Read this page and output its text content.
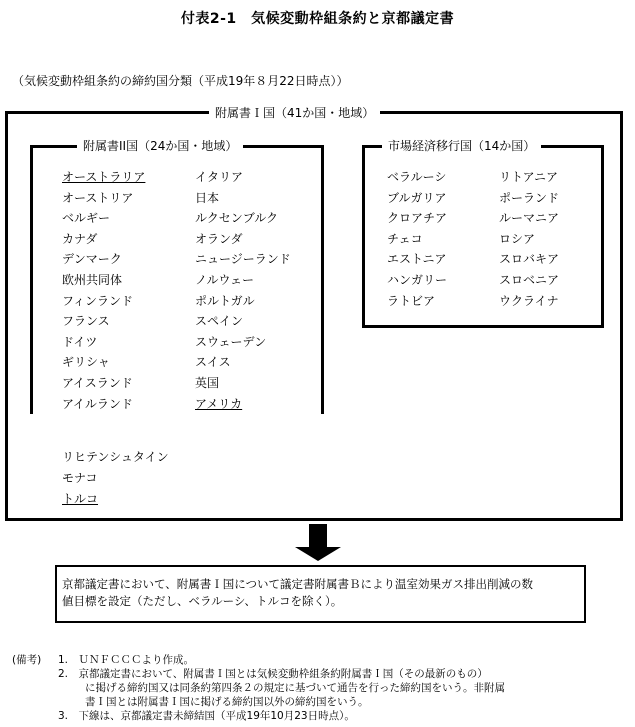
付表2-1　気候変動枠組条約と京都議定書
（気候変動枠組条約の締約国分類（平成19年８月22日時点））
附属書Ｉ国（41か国・地域）
附属書II国（24か国・地域）
オーストラリア
オーストリア
ベルギー
カナダ
デンマーク
欧州共同体
フィンランド
フランス
ドイツ
ギリシャ
アイスランド
アイルランド
イタリア
日本
ルクセンブルク
オランダ
ニュージーランド
ノルウェー
ポルトガル
スペイン
スウェーデン
スイス
英国
アメリカ
市場経済移行国（14か国）
ベラルーシ
ブルガリア
クロアチア
チェコ
エストニア
ハンガリー
ラトビア
リトアニア
ポーランド
ルーマニア
ロシア
スロバキア
スロベニア
ウクライナ
リヒテンシュタイン
モナコ
トルコ
京都議定書において、附属書Ｉ国について議定書附属書Ｂにより温室効果ガス排出削減の数
値目標を設定（ただし、ベラルーシ、トルコを除く）。
(備考) 1.　ＵＮＦＣＣＣより作成。
2.　京都議定書において、附属書Ｉ国とは気候変動枠組条約附属書Ｉ国（その最新のもの）
に掲げる締約国又は同条約第四条２の規定に基づいて通告を行った締約国をいう。非附属
書Ｉ国とは附属書Ｉ国に掲げる締約国以外の締約国をいう。
3.　下線は、京都議定書未締結国（平成19年10月23日時点）。
